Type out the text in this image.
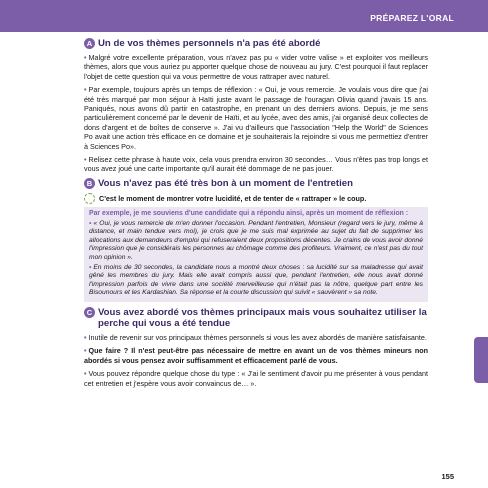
PRÉPAREZ L'ORAL
A Un de vos thèmes personnels n'a pas été abordé
• Malgré votre excellente préparation, vous n'avez pas pu « vider votre valise » et exploiter vos meilleurs thèmes, alors que vous auriez pu apporter quelque chose de nouveau au jury. C'est pourquoi il faut replacer l'objet de cette question qui va vous permettre de vous rattraper avec naturel.
• Par exemple, toujours après un temps de réflexion : « Oui, je vous remercie. Je voulais vous dire que j'ai été très marqué par mon séjour à Haïti juste avant le passage de l'ouragan Olivia quand j'avais 15 ans. Paniqués, nous avons dû partir en catastrophe, en prenant un des derniers avions. Depuis, je me sens particulièrement concerné par le devenir de Haïti, et au lycée, avec des amis, j'ai organisé deux collectes de dons d'argent et de boîtes de conserve ». J'ai vu d'ailleurs que l'association "Help the World" de Sciences Po avait une action très efficace en ce domaine et je souhaiterais la rejoindre si vous me permettiez d'entrer à Sciences Po».
• Relisez cette phrase à haute voix, cela vous prendra environ 30 secondes… Vous n'êtes pas trop longs et vous avez joué une carte importante qu'il aurait été dommage de ne pas jouer.
B Vous n'avez pas été très bon à un moment de l'entretien
C'est le moment de montrer votre lucidité, et de tenter de « rattraper » le coup.
Par exemple, je me souviens d'une candidate qui a répondu ainsi, après un moment de réflexion :
• « Oui, je vous remercie de m'en donner l'occasion. Pendant l'entretien, Monsieur (regard vers le jury, même à distance, et main tendue vers moi), je crois que je me suis mal exprimée au sujet du fait de supprimer les allocations aux demandeurs d'emploi qui refuseraient deux propositions décentes. Je crains de vous avoir donné l'impression que je considérais les personnes au chômage comme des profiteurs. Vraiment, ce n'est pas du tout mon opinion ».
• En moins de 30 secondes, la candidate nous a montré deux choses : sa lucidité sur sa maladresse qui avait gêné les membres du jury. Mais elle avait compris aussi que, pendant l'entretien, elle nous avait donné l'impression parfois de vivre dans une société merveilleuse qui n'était pas la nôtre, quelque part entre les Bisounours et les Kardashian. Sa réponse et la courte discussion qui suivit « sauvèrent » sa note.
C Vous avez abordé vos thèmes principaux mais vous souhaitez utiliser la perche qui vous a été tendue
• Inutile de revenir sur vos principaux thèmes personnels si vous les avez abordés de manière satisfaisante.
• Que faire ? Il n'est peut-être pas nécessaire de mettre en avant un de vos thèmes mineurs non abordés si vous pensez avoir suffisamment et efficacement parlé de vous.
• Vous pouvez répondre quelque chose du type : « J'ai le sentiment d'avoir pu me présenter à vous pendant cet entretien et j'espère vous avoir convaincus de… ».
155
